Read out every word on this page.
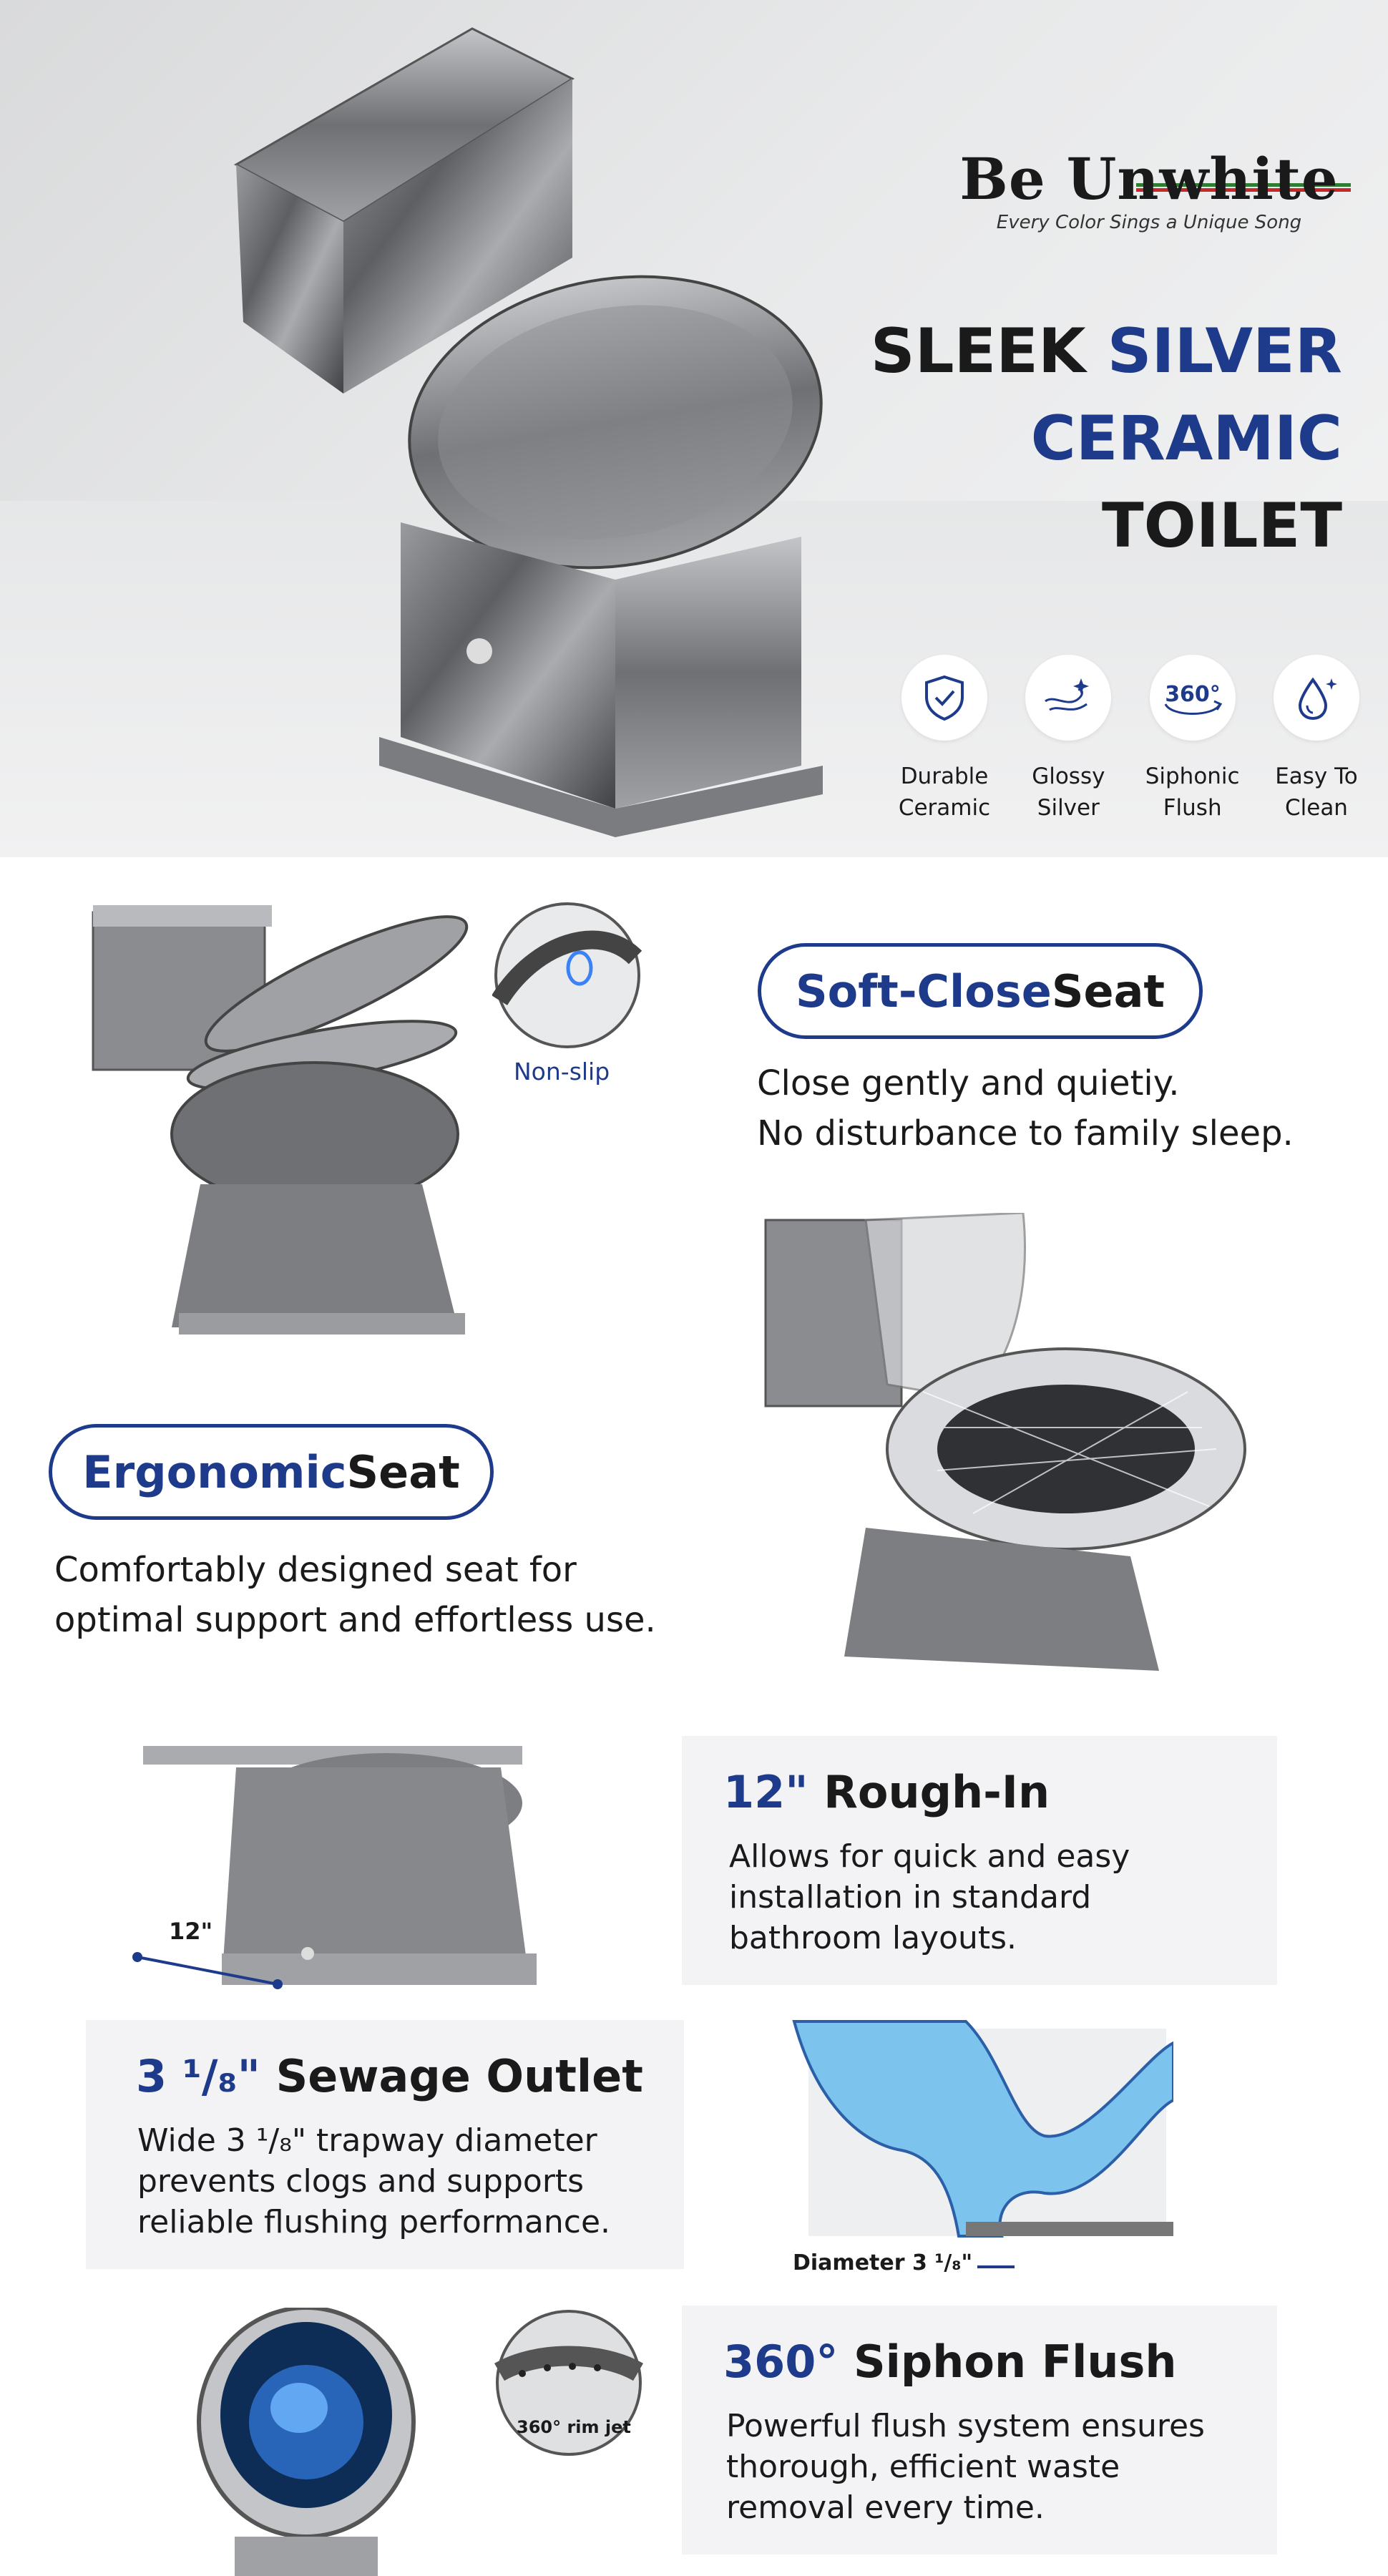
Be Unwhite
Every Color Sings a Unique Song
SLEEK SILVER
CERAMIC
TOILET
Durable
Ceramic
Glossy
Silver
360°
Siphonic
Flush
Easy To
Clean
Non-slip
Soft-Close Seat
Close gently and quietiy.
No disturbance to family sleep.
Ergonomic Seat
Comfortably designed seat for
optimal support and effortless use.
12"
12" Rough-In
Allows for quick and easy
installation in standard
bathroom layouts.
3 ¹/₈" Sewage Outlet
Wide 3 ¹/₈" trapway diameter
prevents clogs and supports
reliable flushing performance.
Diameter 3 ¹/₈"
360° rim jet
360° Siphon Flush
Powerful flush system ensures
thorough, efficient waste
removal every time.
